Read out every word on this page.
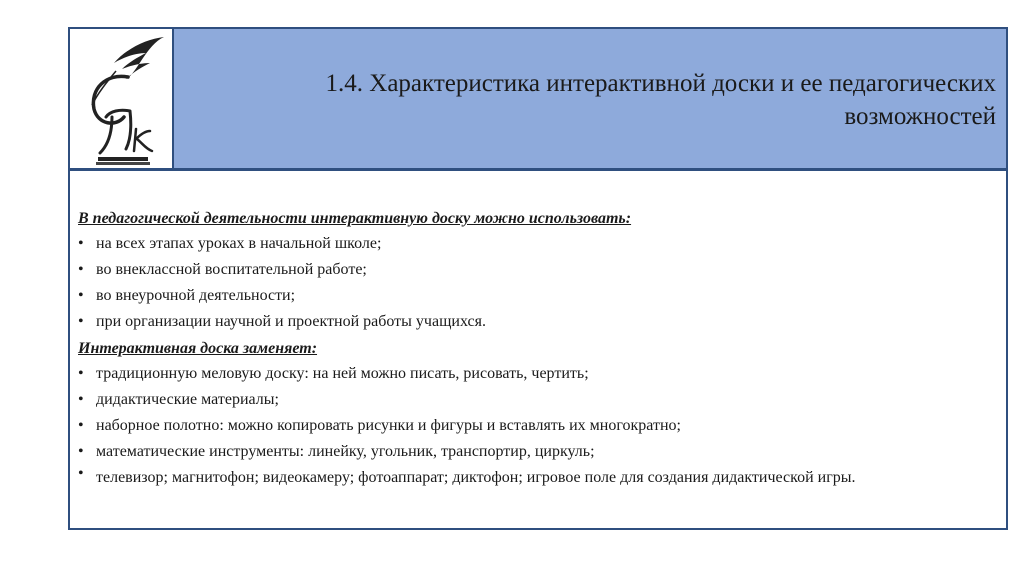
1.4. Характеристика интерактивной доски и ее педагогических
возможностей

В педагогической деятельности интерактивную доску можно использовать:

• на всех этапах уроках в начальной школе;
• во внеклассной воспитательной работе;
• во внеурочной деятельности;
• при организации научной и проектной работы учащихся.

Интерактивная доска заменяет:

• традиционную меловую доску: на ней можно писать, рисовать, чертить;
• дидактические материалы;
• наборное полотно: можно копировать рисунки и фигуры и вставлять их многократно;
• математические инструменты: линейку, угольник, транспортир, циркуль;
• телевизор; магнитофон; видеокамеру; фотоаппарат; диктофон; игровое поле для создания дидактической игры.
